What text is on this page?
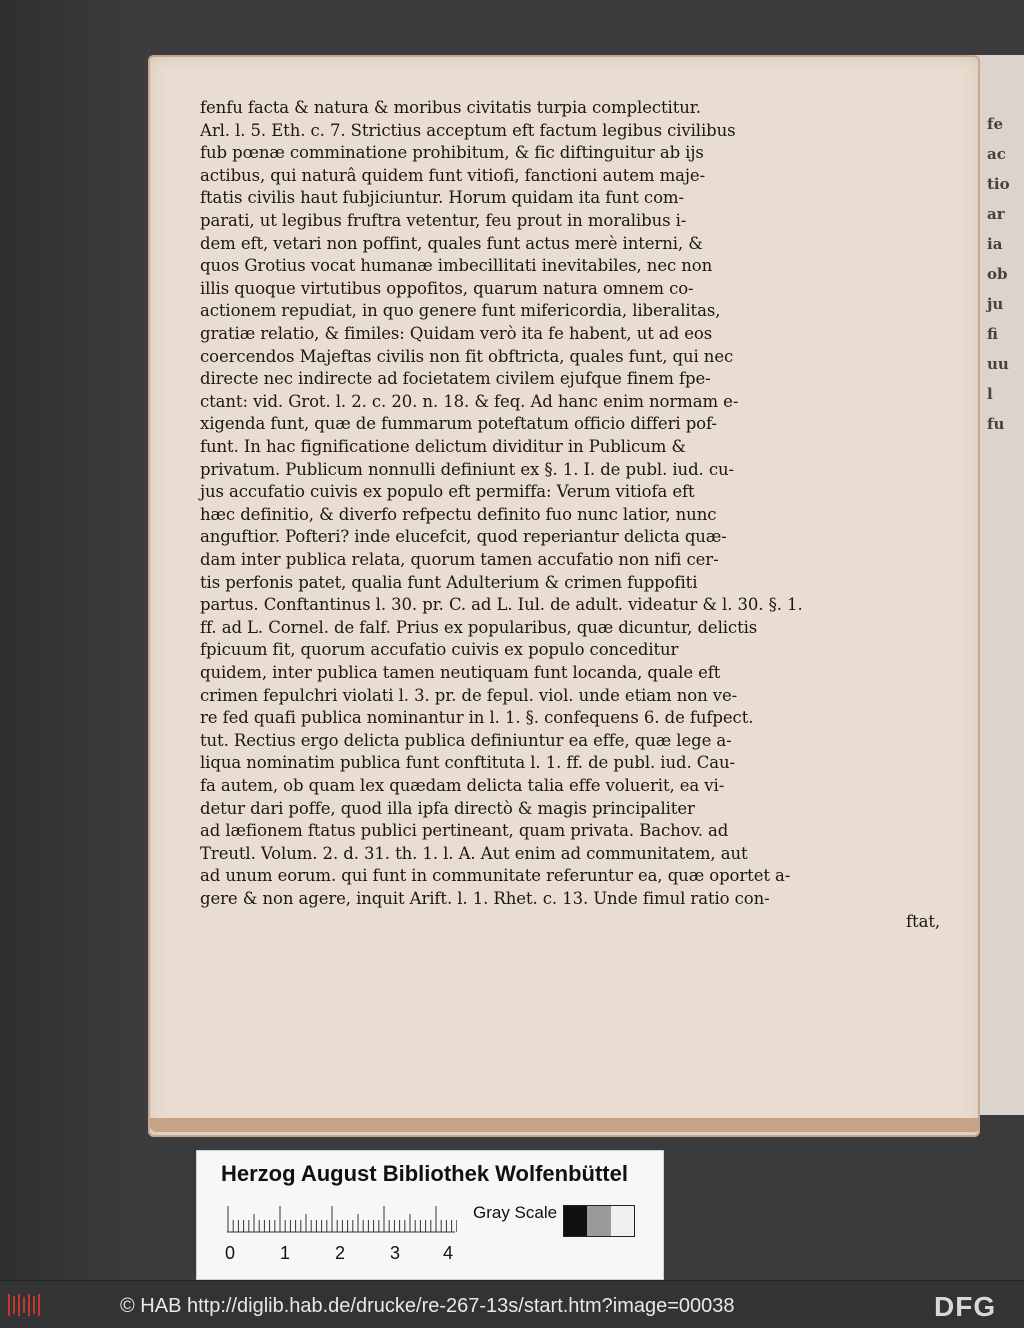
fe
ac
tio
ar
ia
ob
ju
fi
uu
l
fu
fenfu facta & natura & moribus civitatis turpia complectitur.
Arl. l. 5. Eth. c. 7. Strictius acceptum eft factum legibus civilibus
fub pœnæ comminatione prohibitum, & fic diftinguitur ab ijs
actibus, qui naturâ quidem funt vitiofi, fanctioni autem maje-
ftatis civilis haut fubjiciuntur. Horum quidam ita funt com-
parati, ut legibus fruftra vetentur, feu prout in moralibus i-
dem eft, vetari non poffint, quales funt actus merè interni, &
quos Grotius vocat humanæ imbecillitati inevitabiles, nec non
illis quoque virtutibus oppofitos, quarum natura omnem co-
actionem repudiat, in quo genere funt mifericordia, liberalitas,
gratiæ relatio, & fimiles: Quidam verò ita fe habent, ut ad eos
coercendos Majeftas civilis non fit obftricta, quales funt, qui nec
directe nec indirecte ad focietatem civilem ejufque finem fpe-
ctant: vid. Grot. l. 2. c. 20. n. 18. & feq. Ad hanc enim normam e-
xigenda funt, quæ de fummarum poteftatum officio differi pof-
funt. In hac fignificatione delictum dividitur in Publicum &
privatum. Publicum nonnulli definiunt ex §. 1. I. de publ. iud. cu-
jus accufatio cuivis ex populo eft permiffa: Verum vitiofa eft
hæc definitio, & diverfo refpectu definito fuo nunc latior, nunc
anguftior. Pofteri? inde elucefcit, quod reperiantur delicta quæ-
dam inter publica relata, quorum tamen accufatio non nifi cer-
tis perfonis patet, qualia funt Adulterium & crimen fuppofiti
partus. Conftantinus l. 30. pr. C. ad L. Iul. de adult. videatur & l. 30. §. 1.
ff. ad L. Cornel. de falf. Prius ex popularibus, quæ dicuntur, delictis
fpicuum fit, quorum accufatio cuivis ex populo conceditur
quidem, inter publica tamen neutiquam funt locanda, quale eft
crimen fepulchri violati l. 3. pr. de fepul. viol. unde etiam non ve-
re fed quafi publica nominantur in l. 1. §. confequens 6. de fufpect.
tut. Rectius ergo delicta publica definiuntur ea effe, quæ lege a-
liqua nominatim publica funt conftituta l. 1. ff. de publ. iud. Cau-
fa autem, ob quam lex quædam delicta talia effe voluerit, ea vi-
detur dari poffe, quod illa ipfa directò & magis principaliter
ad læfionem ftatus publici pertineant, quam privata. Bachov. ad
Treutl. Volum. 2. d. 31. th. 1. l. A. Aut enim ad communitatem, aut
ad unum eorum. qui funt in communitate referuntur ea, quæ oportet a-
gere & non agere, inquit Arift. l. 1. Rhet. c. 13. Unde fimul ratio con-
ftat,
Herzog August Bibliothek Wolfenbüttel
Gray Scale
0 1 2 3 4
© HAB http://diglib.hab.de/drucke/re-267-13s/start.htm?image=00038	DFG
